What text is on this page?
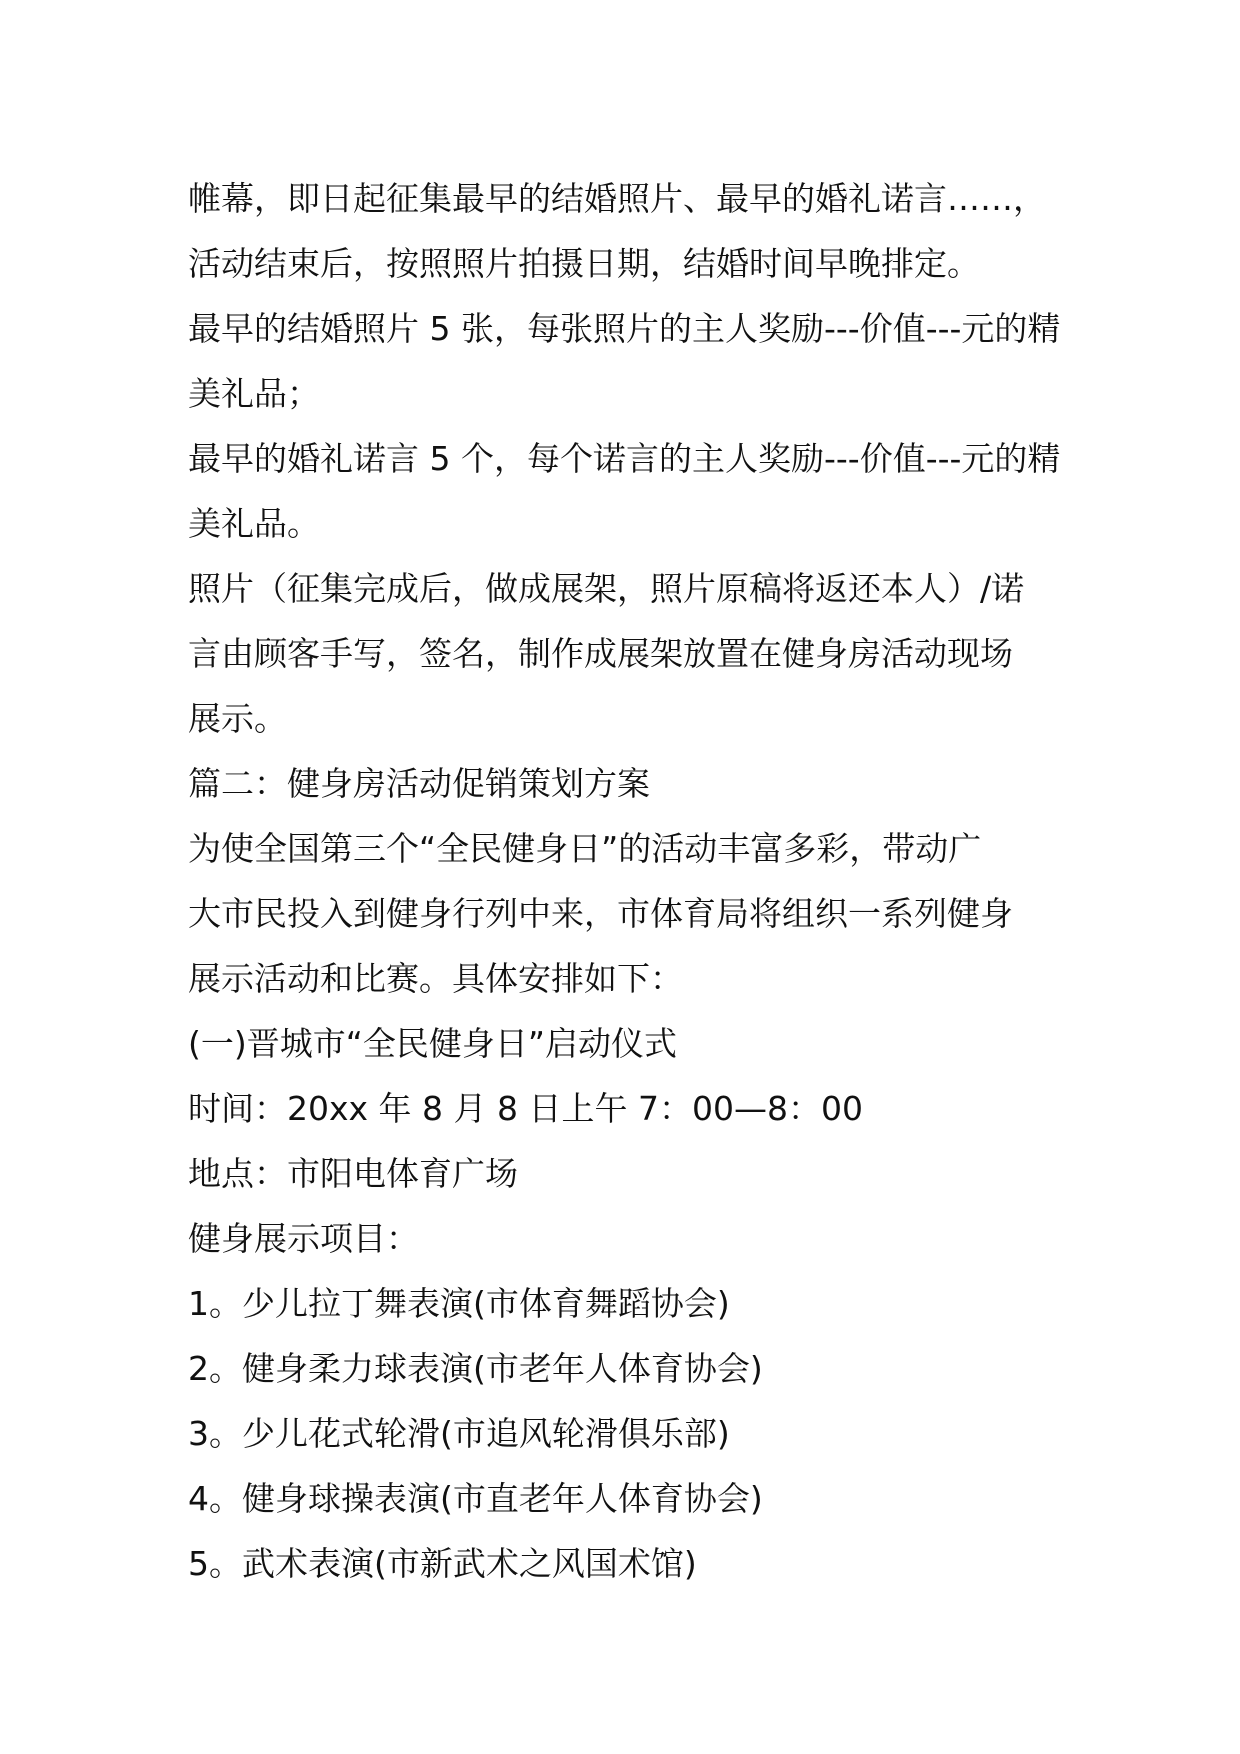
帷幕，即日起征集最早的结婚照片、最早的婚礼诺言……，
活动结束后，按照照片拍摄日期，结婚时间早晚排定。
最早的结婚照片 5 张，每张照片的主人奖励---价值---元的精
美礼品；
最早的婚礼诺言 5 个，每个诺言的主人奖励---价值---元的精
美礼品。
照片（征集完成后，做成展架，照片原稿将返还本人）/诺
言由顾客手写，签名，制作成展架放置在健身房活动现场
展示。
篇二：健身房活动促销策划方案
为使全国第三个“全民健身日”的活动丰富多彩，带动广
大市民投入到健身行列中来，市体育局将组织一系列健身
展示活动和比赛。具体安排如下：
(一)晋城市“全民健身日”启动仪式
时间：20xx 年 8 月 8 日上午 7：00—8：00
地点：市阳电体育广场
健身展示项目：
1。少儿拉丁舞表演(市体育舞蹈协会)
2。健身柔力球表演(市老年人体育协会)
3。少儿花式轮滑(市追风轮滑俱乐部)
4。健身球操表演(市直老年人体育协会)
5。武术表演(市新武术之风国术馆)
